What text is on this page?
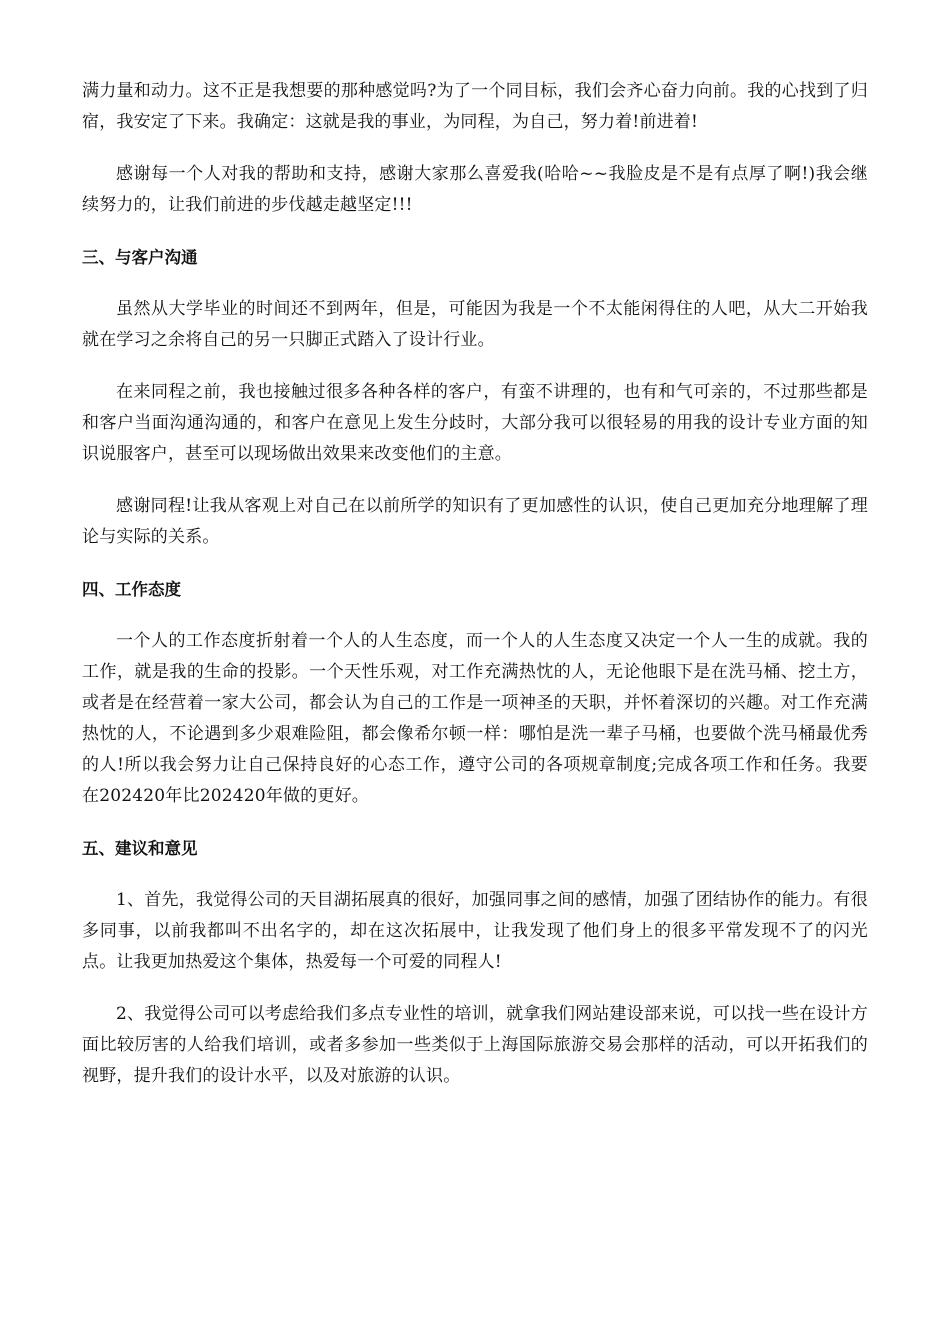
满力量和动力。这不正是我想要的那种感觉吗?为了一个同目标，我们会齐心奋力向前。我的心找到了归宿，我安定了下来。我确定：这就是我的事业，为同程，为自己，努力着!前进着!

感谢每一个人对我的帮助和支持，感谢大家那么喜爱我(哈哈~~我脸皮是不是有点厚了啊!)我会继续努力的，让我们前进的步伐越走越坚定!!!

三、与客户沟通

虽然从大学毕业的时间还不到两年，但是，可能因为我是一个不太能闲得住的人吧，从大二开始我就在学习之余将自己的另一只脚正式踏入了设计行业。

在来同程之前，我也接触过很多各种各样的客户，有蛮不讲理的，也有和气可亲的，不过那些都是和客户当面沟通沟通的，和客户在意见上发生分歧时，大部分我可以很轻易的用我的设计专业方面的知识说服客户，甚至可以现场做出效果来改变他们的主意。

感谢同程!让我从客观上对自己在以前所学的知识有了更加感性的认识，使自己更加充分地理解了理论与实际的关系。

四、工作态度

一个人的工作态度折射着一个人的人生态度，而一个人的人生态度又决定一个人一生的成就。我的工作，就是我的生命的投影。一个天性乐观，对工作充满热忱的人，无论他眼下是在洗马桶、挖土方，或者是在经营着一家大公司，都会认为自己的工作是一项神圣的天职，并怀着深切的兴趣。对工作充满热忱的人，不论遇到多少艰难险阻，都会像希尔顿一样：哪怕是洗一辈子马桶，也要做个洗马桶最优秀的人!所以我会努力让自己保持良好的心态工作，遵守公司的各项规章制度;完成各项工作和任务。我要在202420年比202420年做的更好。

五、建议和意见

1、首先，我觉得公司的天目湖拓展真的很好，加强同事之间的感情，加强了团结协作的能力。有很多同事，以前我都叫不出名字的，却在这次拓展中，让我发现了他们身上的很多平常发现不了的闪光点。让我更加热爱这个集体，热爱每一个可爱的同程人!

2、我觉得公司可以考虑给我们多点专业性的培训，就拿我们网站建设部来说，可以找一些在设计方面比较厉害的人给我们培训，或者多参加一些类似于上海国际旅游交易会那样的活动，可以开拓我们的视野，提升我们的设计水平，以及对旅游的认识。
